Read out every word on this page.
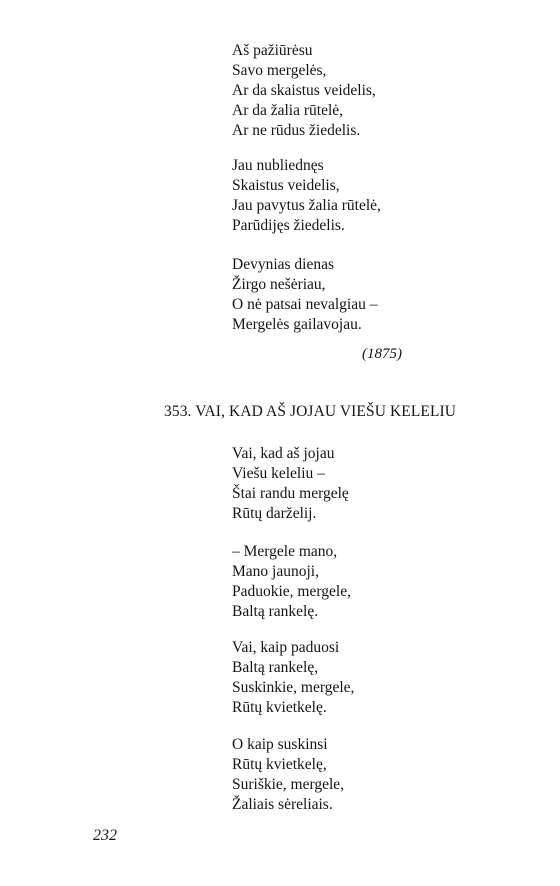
Aš pažiūrėsu
Savo mergelės,
Ar da skaistus veidelis,
Ar da žalia rūtelė,
Ar ne rūdus žiedelis.
Jau nubliednęs
Skaistus veidelis,
Jau pavytus žalia rūtelė,
Parūdijęs žiedelis.
Devynias dienas
Žirgo nešėriau,
O nė patsai nevalgiau –
Mergelės gailavojau.
(1875)
353. VAI, KAD AŠ JOJAU VIEŠU KELELIU
Vai, kad aš jojau
Viešu keleliu –
Štai randu mergelę
Rūtų darželij.
– Mergele mano,
Mano jaunoji,
Paduokie, mergele,
Baltą rankelę.
Vai, kaip paduosi
Baltą rankelę,
Suskinkie, mergele,
Rūtų kvietkelę.
O kaip suskinsi
Rūtų kvietkelę,
Suriškie, mergele,
Žaliais sėreliais.
232
